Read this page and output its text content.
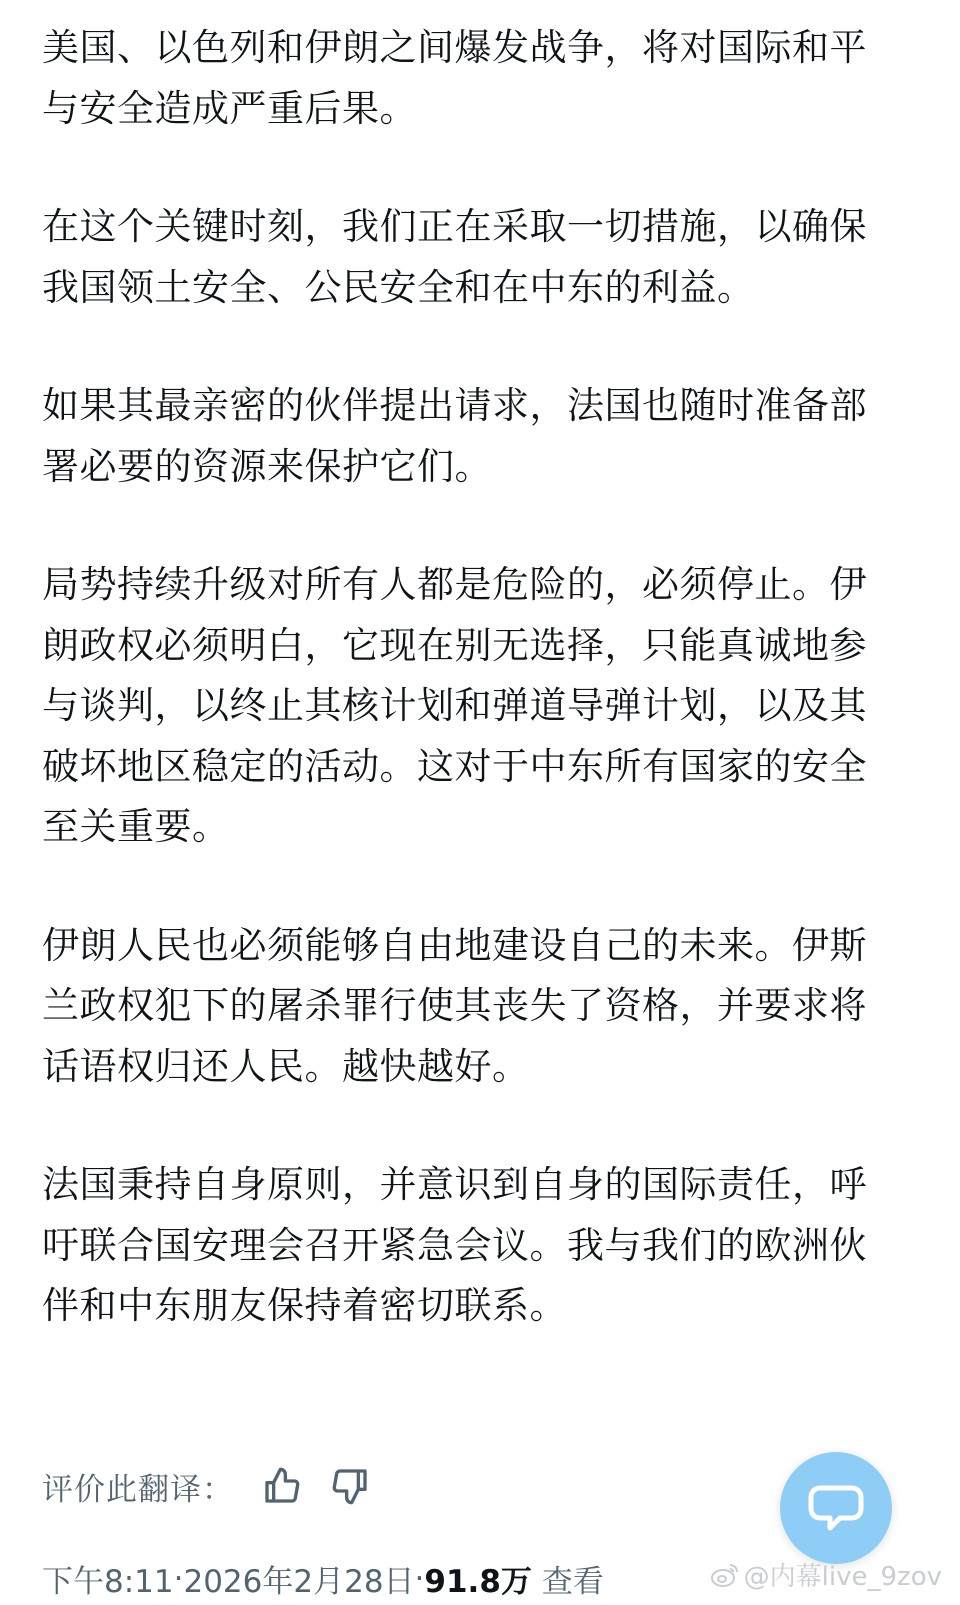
美国、以色列和伊朗之间爆发战争，将对国际和平与安全造成严重后果。

在这个关键时刻，我们正在采取一切措施，以确保我国领土安全、公民安全和在中东的利益。

如果其最亲密的伙伴提出请求，法国也随时准备部署必要的资源来保护它们。

局势持续升级对所有人都是危险的，必须停止。伊朗政权必须明白，它现在别无选择，只能真诚地参与谈判，以终止其核计划和弹道导弹计划，以及其破坏地区稳定的活动。这对于中东所有国家的安全至关重要。

伊朗人民也必须能够自由地建设自己的未来。伊斯兰政权犯下的屠杀罪行使其丧失了资格，并要求将话语权归还人民。越快越好。

法国秉持自身原则，并意识到自身的国际责任，呼吁联合国安理会召开紧急会议。我与我们的欧洲伙伴和中东朋友保持着密切联系。

评价此翻译：
下午8:11 · 2026年2月28日 · 91.8万 查看	@内幕live_9zov
